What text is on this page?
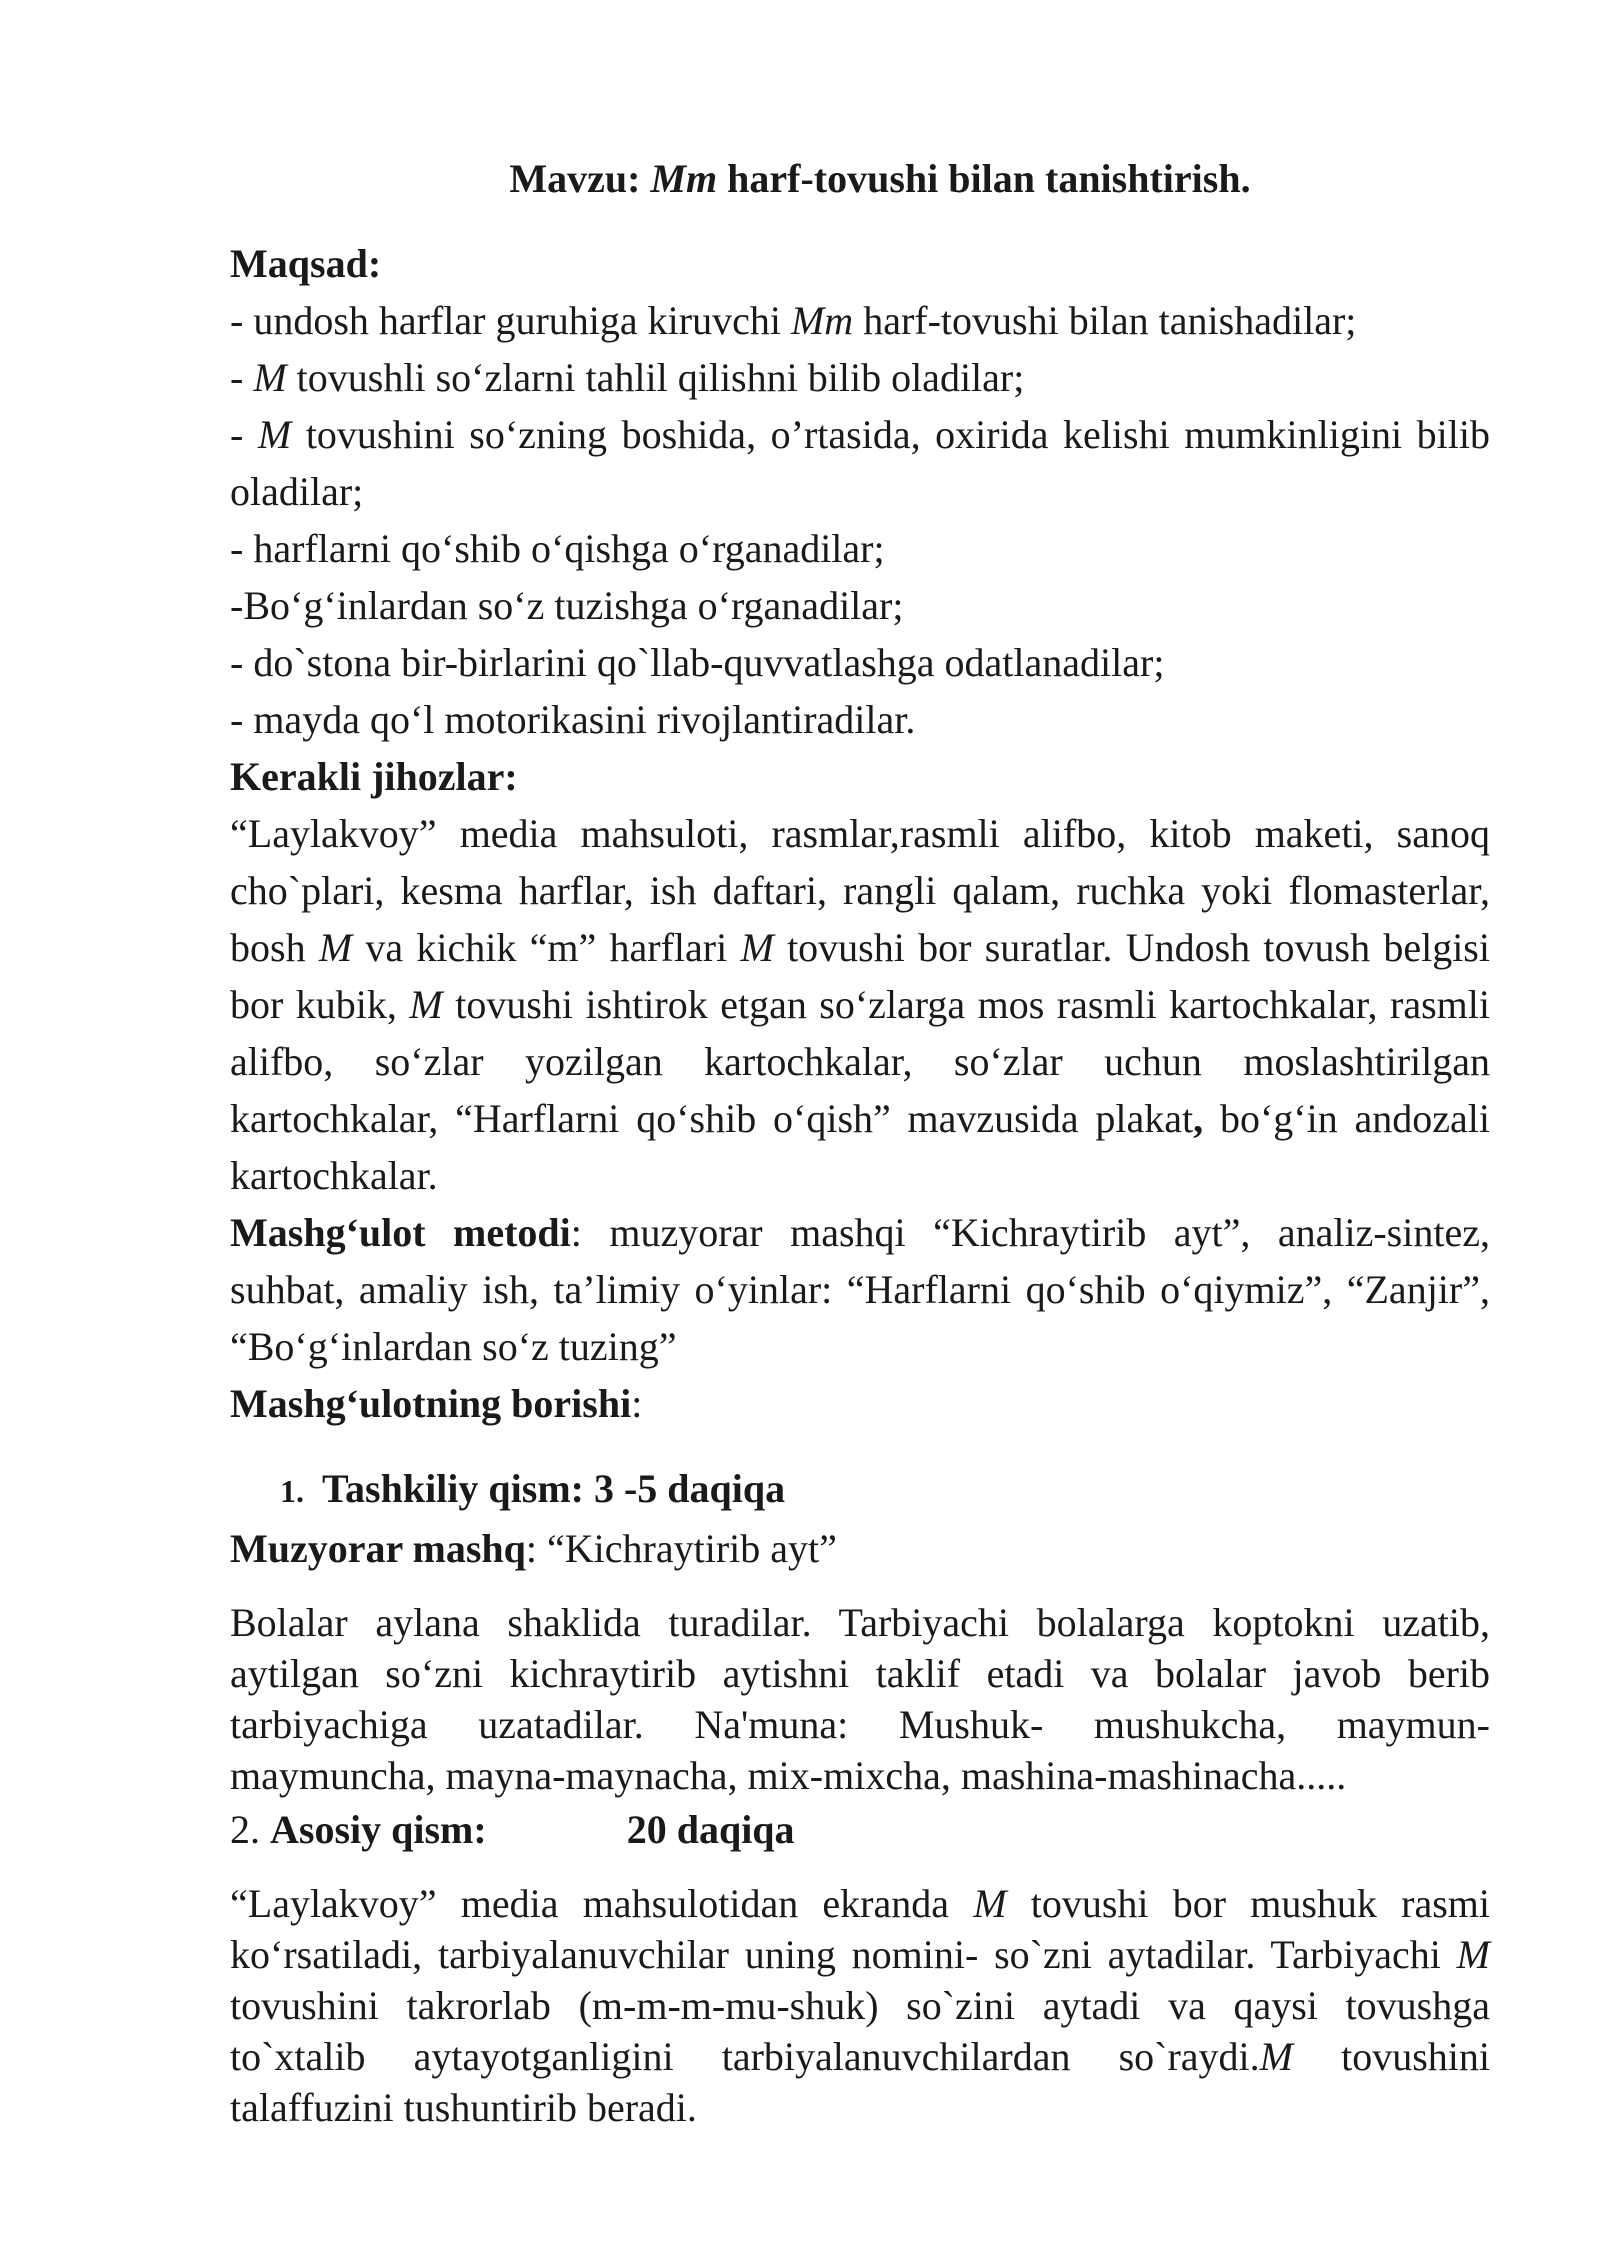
Mavzu: Mm harf-tovushi bilan tanishtirish.

Maqsad:

- undosh harflar guruhiga kiruvchi Mm harf-tovushi bilan tanishadilar;

- M tovushli so‘zlarni tahlil qilishni bilib oladilar;

- M tovushini so‘zning boshida, o’rtasida, oxirida kelishi mumkinligini bilib oladilar;

- harflarni qo‘shib o‘qishga o‘rganadilar;

-Bo‘g‘inlardan so‘z tuzishga o‘rganadilar;

- do`stona bir-birlarini qo`llab-quvvatlashga odatlanadilar;

- mayda qo‘l motorikasini rivojlantiradilar.

Kerakli jihozlar:

“Laylakvoy” media mahsuloti, rasmlar,rasmli alifbo, kitob maketi, sanoq cho`plari, kesma harflar, ish daftari, rangli qalam, ruchka yoki flomasterlar, bosh M va kichik “m” harflari M tovushi bor suratlar. Undosh tovush belgisi bor kubik, M tovushi ishtirok etgan so‘zlarga mos rasmli kartochkalar, rasmli alifbo, so‘zlar yozilgan kartochkalar, so‘zlar uchun moslashtirilgan kartochkalar, “Harflarni qo‘shib o‘qish” mavzusida plakat, bo‘g‘in andozali kartochkalar.

Mashg‘ulot metodi: muzyorar mashqi “Kichraytirib ayt”, analiz-sintez, suhbat, amaliy ish, ta’limiy o‘yinlar: “Harflarni qo‘shib o‘qiymiz”, “Zanjir”, “Bo‘g‘inlardan so‘z tuzing”

Mashg‘ulotning borishi:

1. Tashkiliy qism: 3 -5 daqiqa

Muzyorar mashq: “Kichraytirib ayt”

Bolalar aylana shaklida turadilar. Tarbiyachi bolalarga koptokni uzatib, aytilgan so‘zni kichraytirib aytishni taklif etadi va bolalar javob berib tarbiyachiga uzatadilar. Na'muna: Mushuk- mushukcha, maymun-maymuncha, mayna-maynacha, mix-mixcha, mashina-mashinacha.....

2. Asosiy qism:	20 daqiqa

“Laylakvoy” media mahsulotidan ekranda M tovushi bor mushuk rasmi ko‘rsatiladi, tarbiyalanuvchilar uning nomini- so`zni aytadilar. Tarbiyachi M tovushini takrorlab (m-m-m-mu-shuk) so`zini aytadi va qaysi tovushga to`xtalib aytayotganligini tarbiyalanuvchilardan so`raydi.M tovushini talaffuzini tushuntirib beradi.
